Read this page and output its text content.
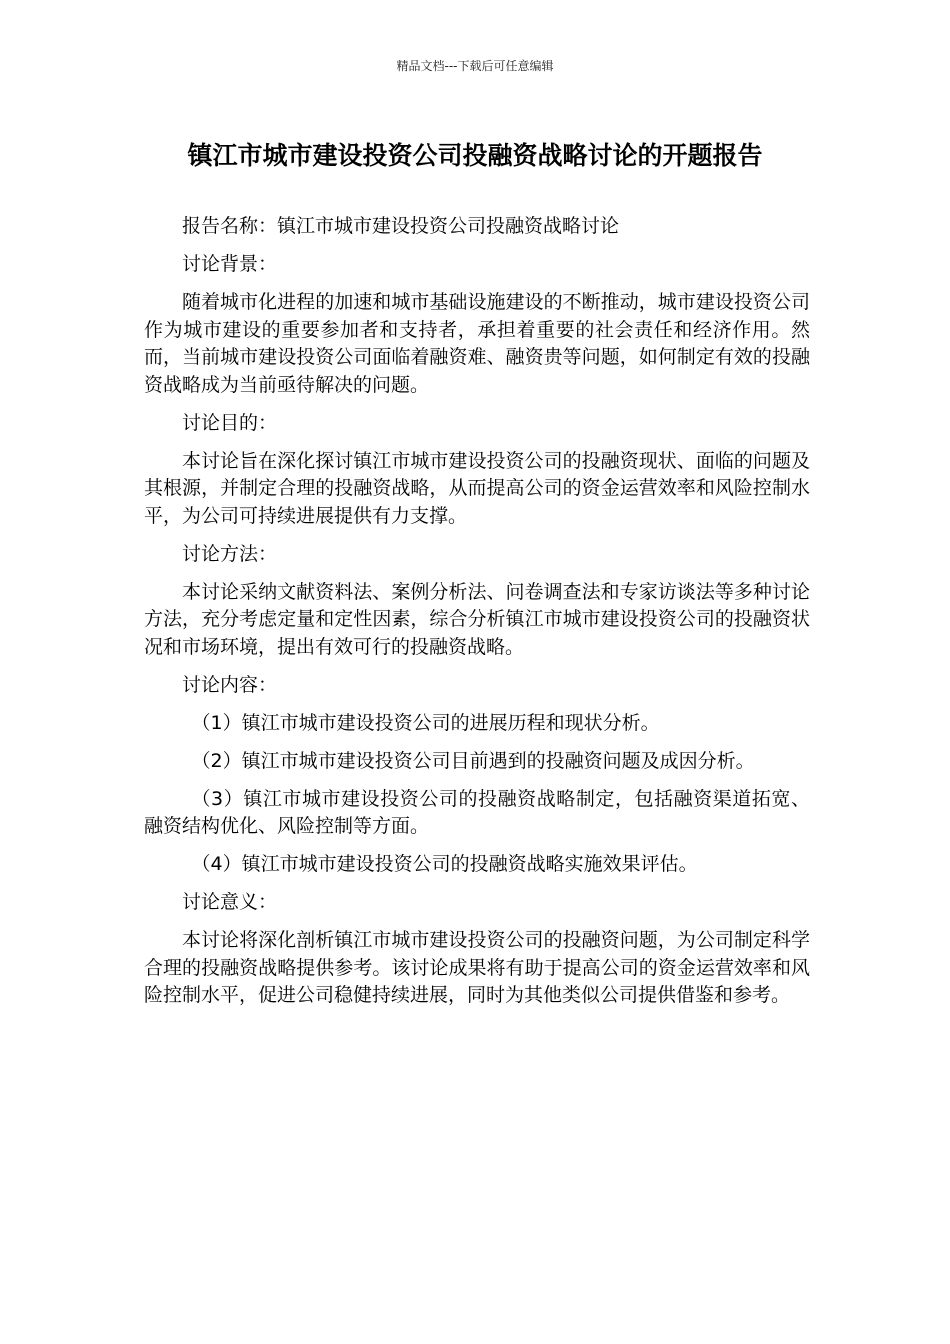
精品文档---下载后可任意编辑
镇江市城市建设投资公司投融资战略讨论的开题报告

报告名称：镇江市城市建设投资公司投融资战略讨论

讨论背景：

随着城市化进程的加速和城市基础设施建设的不断推动，城市建设投资公司作为城市建设的重要参加者和支持者，承担着重要的社会责任和经济作用。然而，当前城市建设投资公司面临着融资难、融资贵等问题，如何制定有效的投融资战略成为当前亟待解决的问题。

讨论目的：

本讨论旨在深化探讨镇江市城市建设投资公司的投融资现状、面临的问题及其根源，并制定合理的投融资战略，从而提高公司的资金运营效率和风险控制水平，为公司可持续进展提供有力支撑。

讨论方法：

本讨论采纳文献资料法、案例分析法、问卷调查法和专家访谈法等多种讨论方法，充分考虑定量和定性因素，综合分析镇江市城市建设投资公司的投融资状况和市场环境，提出有效可行的投融资战略。

讨论内容：

（1）镇江市城市建设投资公司的进展历程和现状分析。

（2）镇江市城市建设投资公司目前遇到的投融资问题及成因分析。

（3）镇江市城市建设投资公司的投融资战略制定，包括融资渠道拓宽、融资结构优化、风险控制等方面。

（4）镇江市城市建设投资公司的投融资战略实施效果评估。

讨论意义：

本讨论将深化剖析镇江市城市建设投资公司的投融资问题，为公司制定科学合理的投融资战略提供参考。该讨论成果将有助于提高公司的资金运营效率和风险控制水平，促进公司稳健持续进展，同时为其他类似公司提供借鉴和参考。
